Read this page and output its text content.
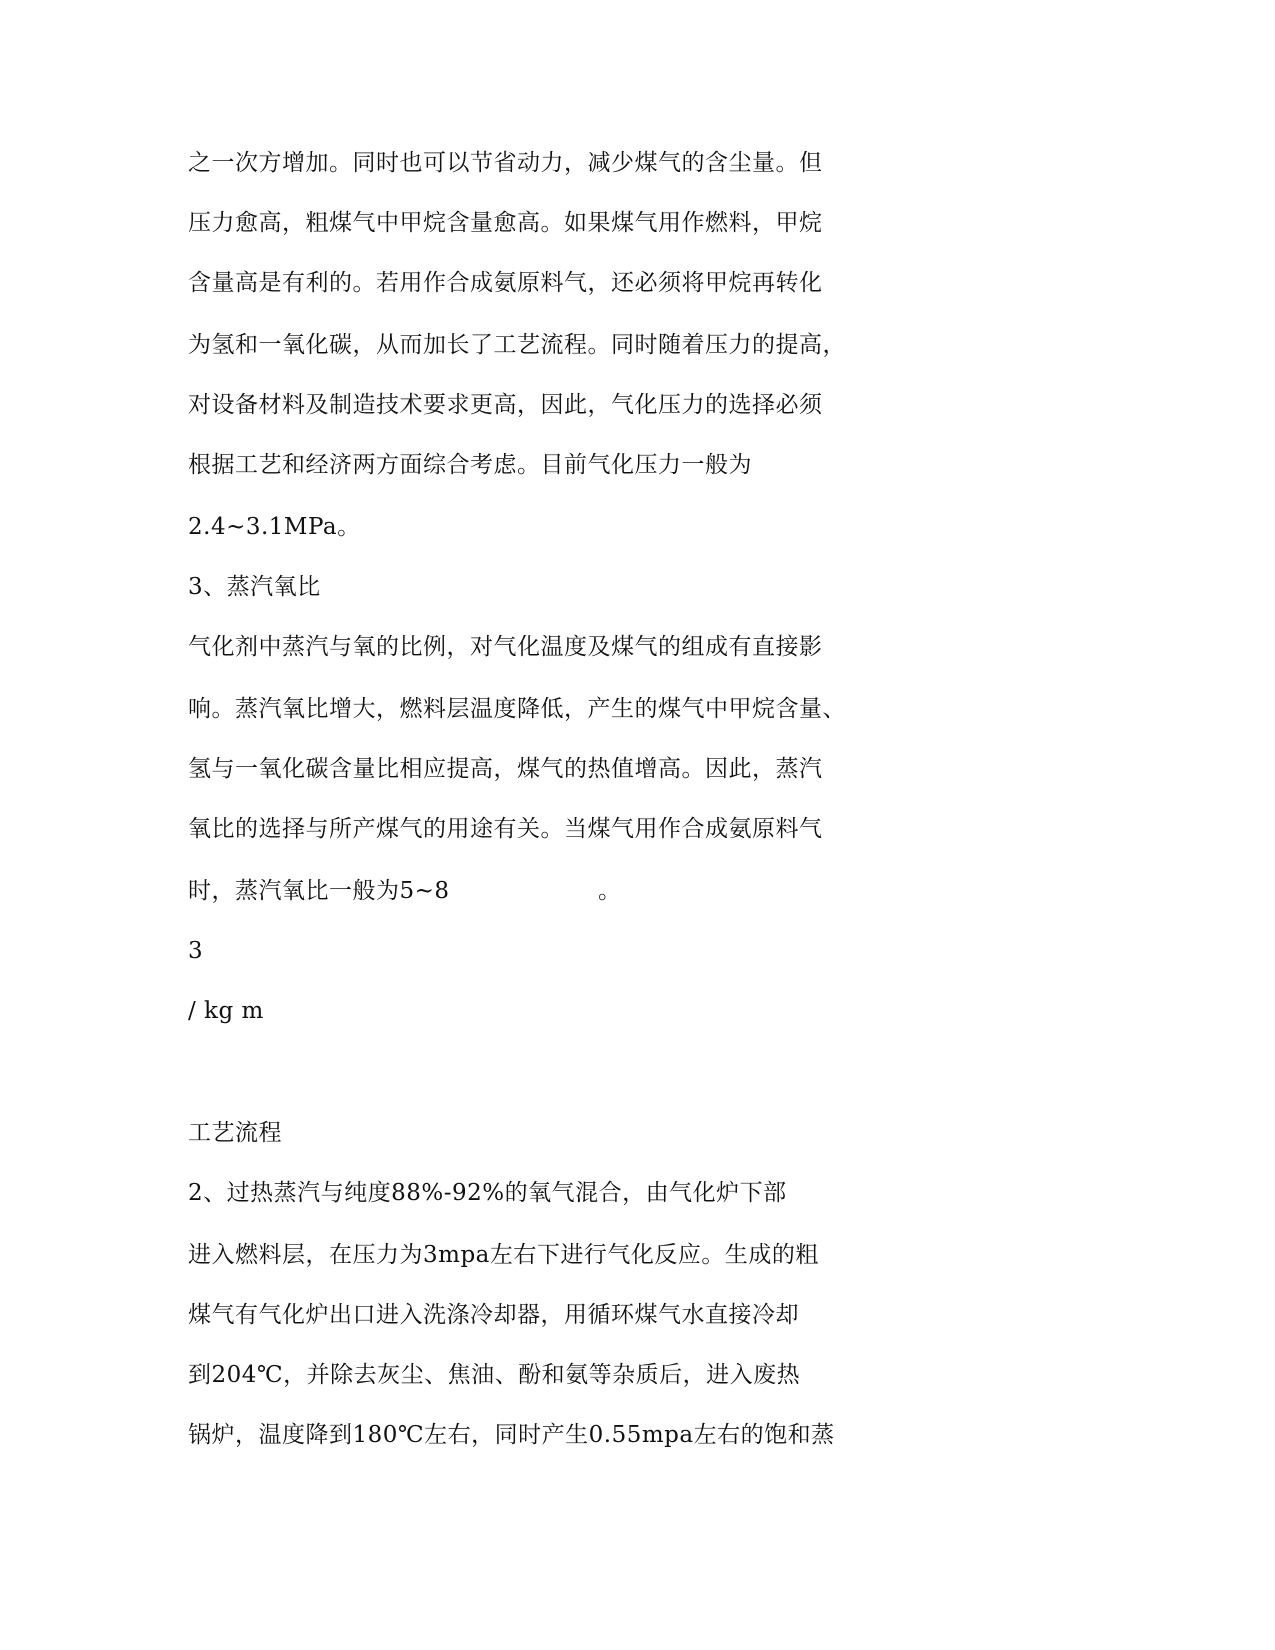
之一次方增加。同时也可以节省动力，减少煤气的含尘量。但
压力愈高，粗煤气中甲烷含量愈高。如果煤气用作燃料，甲烷
含量高是有利的。若用作合成氨原料气，还必须将甲烷再转化
为氢和一氧化碳，从而加长了工艺流程。同时随着压力的提高，
对设备材料及制造技术要求更高，因此，气化压力的选择必须
根据工艺和经济两方面综合考虑。目前气化压力一般为
2.4~3.1MPa。
3、蒸汽氧比
气化剂中蒸汽与氧的比例，对气化温度及煤气的组成有直接影
响。蒸汽氧比增大，燃料层温度降低，产生的煤气中甲烷含量、
氢与一氧化碳含量比相应提高，煤气的热值增高。因此，蒸汽
氧比的选择与所产煤气的用途有关。当煤气用作合成氨原料气
时，蒸汽氧比一般为5~8	。
3
/ kg m
工艺流程
2、过热蒸汽与纯度88%-92%的氧气混合，由气化炉下部
进入燃料层，在压力为3mpa左右下进行气化反应。生成的粗
煤气有气化炉出口进入洗涤冷却器，用循环煤气水直接冷却
到204℃，并除去灰尘、焦油、酚和氨等杂质后，进入废热
锅炉，温度降到180℃左右，同时产生0.55mpa左右的饱和蒸
